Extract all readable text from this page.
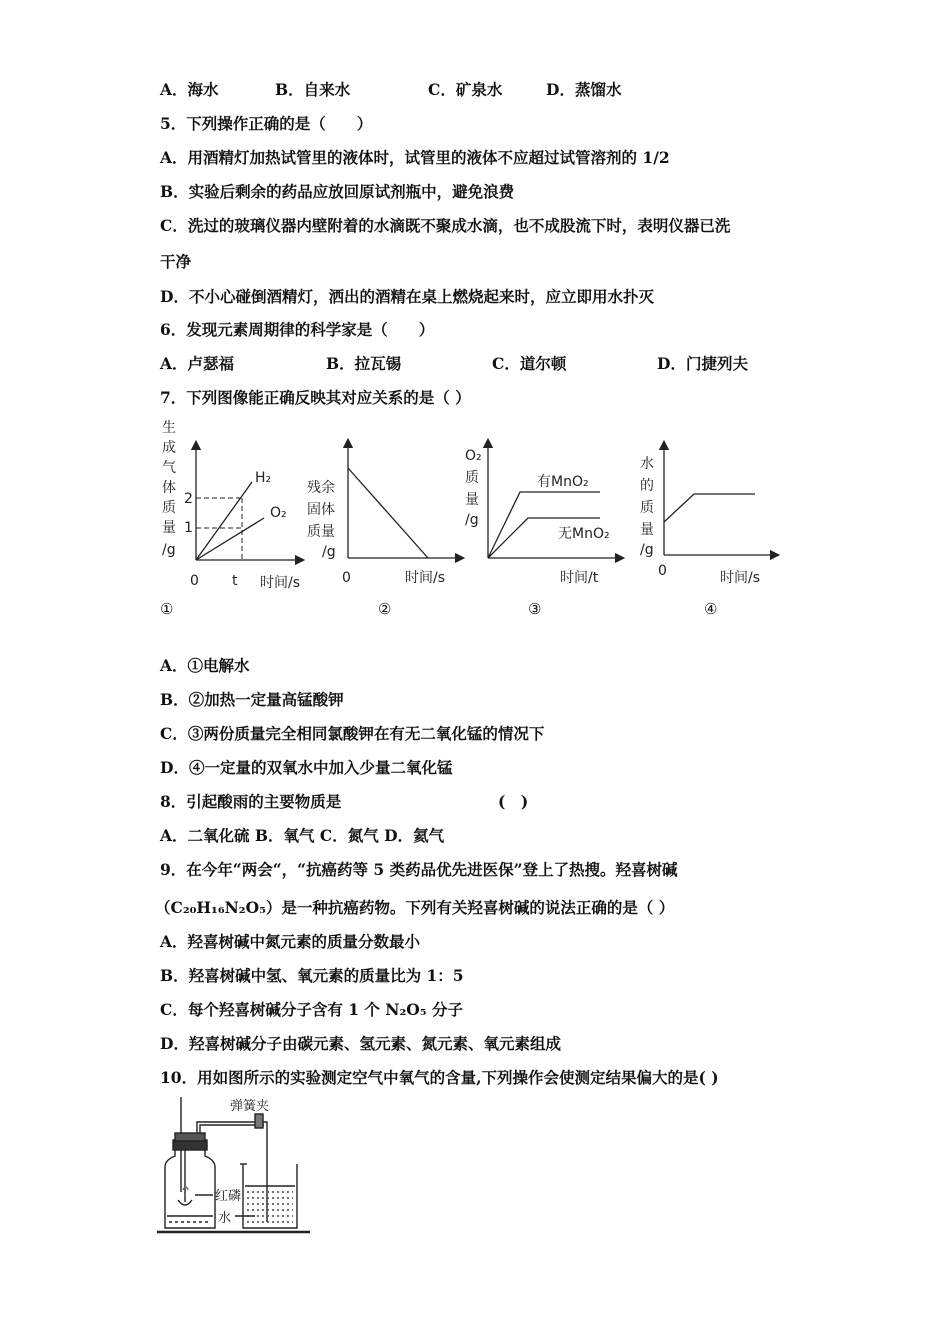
A．海水	B．自来水	C．矿泉水	D．蒸馏水
5．下列操作正确的是（　　）
A．用酒精灯加热试管里的液体时，试管里的液体不应超过试管溶剂的 1/2
B．实验后剩余的药品应放回原试剂瓶中，避免浪费
C．洗过的玻璃仪器内壁附着的水滴既不聚成水滴，也不成股流下时，表明仪器已洗
干净
D．不小心碰倒酒精灯，洒出的酒精在桌上燃烧起来时，应立即用水扑灭
6．发现元素周期律的科学家是（　　）
A．卢瑟福	B．拉瓦锡	C．道尔顿	D．门捷列夫
7．下列图像能正确反映其对应关系的是（ ）
生
成
气
体
质
量
/g
2
1
0 t 时间/s
H₂
O₂
残余
固体
质量
/g
0	时间/s
O₂
质
量
/g
有MnO₂
无MnO₂
时间/t
水
的
质
量
/g
0	时间/s
①	②	③	④
A．①电解水
B．②加热一定量高锰酸钾
C．③两份质量完全相同氯酸钾在有无二氧化锰的情况下
D．④一定量的双氧水中加入少量二氧化锰
8．引起酸雨的主要物质是	(　)
A．二氧化硫 B．氧气 C．氮气 D．氦气
9．在今年“两会“，“抗癌药等 5 类药品优先进医保”登上了热搜。羟喜树碱
（C₂₀H₁₆N₂O₅）是一种抗癌药物。下列有关羟喜树碱的说法正确的是（ ）
A．羟喜树碱中氮元素的质量分数最小
B．羟喜树碱中氢、氧元素的质量比为 1：5
C．每个羟喜树碱分子含有 1 个 N₂O₅ 分子
D．羟喜树碱分子由碳元素、氢元素、氮元素、氧元素组成
10．用如图所示的实验测定空气中氧气的含量,下列操作会使测定结果偏大的是( )
弹簧夹
红磷
水
